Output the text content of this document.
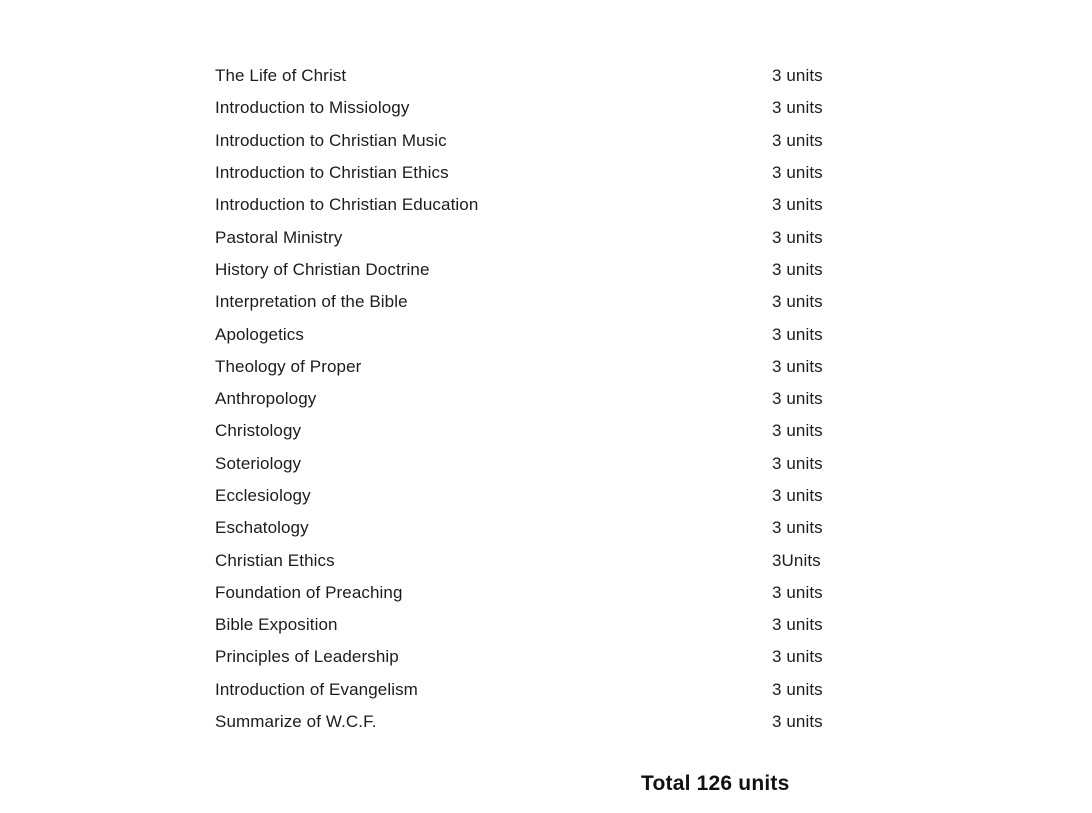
The Life of Christ	3 units
Introduction to Missiology	3 units
Introduction to Christian Music	3 units
Introduction to Christian Ethics	3 units
Introduction to Christian Education	3 units
Pastoral Ministry	3 units
History of Christian Doctrine	3 units
Interpretation of the Bible	3 units
Apologetics	3 units
Theology of Proper	3 units
Anthropology	3 units
Christology	3 units
Soteriology	3 units
Ecclesiology	3 units
Eschatology	3 units
Christian Ethics	3Units
Foundation of Preaching	3 units
Bible Exposition	3 units
Principles of Leadership	3 units
Introduction of Evangelism	3 units
Summarize of W.C.F.	3 units
Total 126 units
